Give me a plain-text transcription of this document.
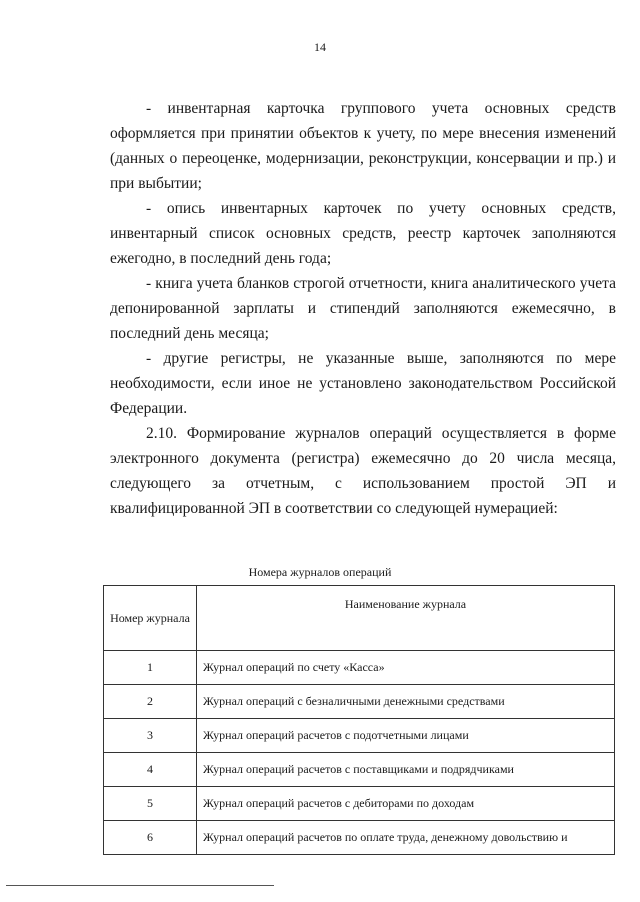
14

- инвентарная карточка группового учета основных средств оформляется при принятии объектов к учету, по мере внесения изменений (данных о переоценке, модернизации, реконструкции, консервации и пр.) и при выбытии;

- опись инвентарных карточек по учету основных средств, инвентарный список основных средств, реестр карточек заполняются ежегодно, в последний день года;

- книга учета бланков строгой отчетности, книга аналитического учета депонированной зарплаты и стипендий заполняются ежемесячно, в последний день месяца;

- другие регистры, не указанные выше, заполняются по мере необходимости, если иное не установлено законодательством Российской Федерации.

2.10. Формирование журналов операций осуществляется в форме электронного документа (регистра) ежемесячно до 20 числа месяца, следующего за отчетным, с использованием простой ЭП и квалифицированной ЭП в соответствии со следующей нумерацией:

Номера журналов операций
Номер журнала	Наименование журнала
1	Журнал операций по счету «Касса»
2	Журнал операций с безналичными денежными средствами
3	Журнал операций расчетов с подотчетными лицами
4	Журнал операций расчетов с поставщиками и подрядчиками
5	Журнал операций расчетов с дебиторами по доходам
6	Журнал операций расчетов по оплате труда, денежному довольствию и
